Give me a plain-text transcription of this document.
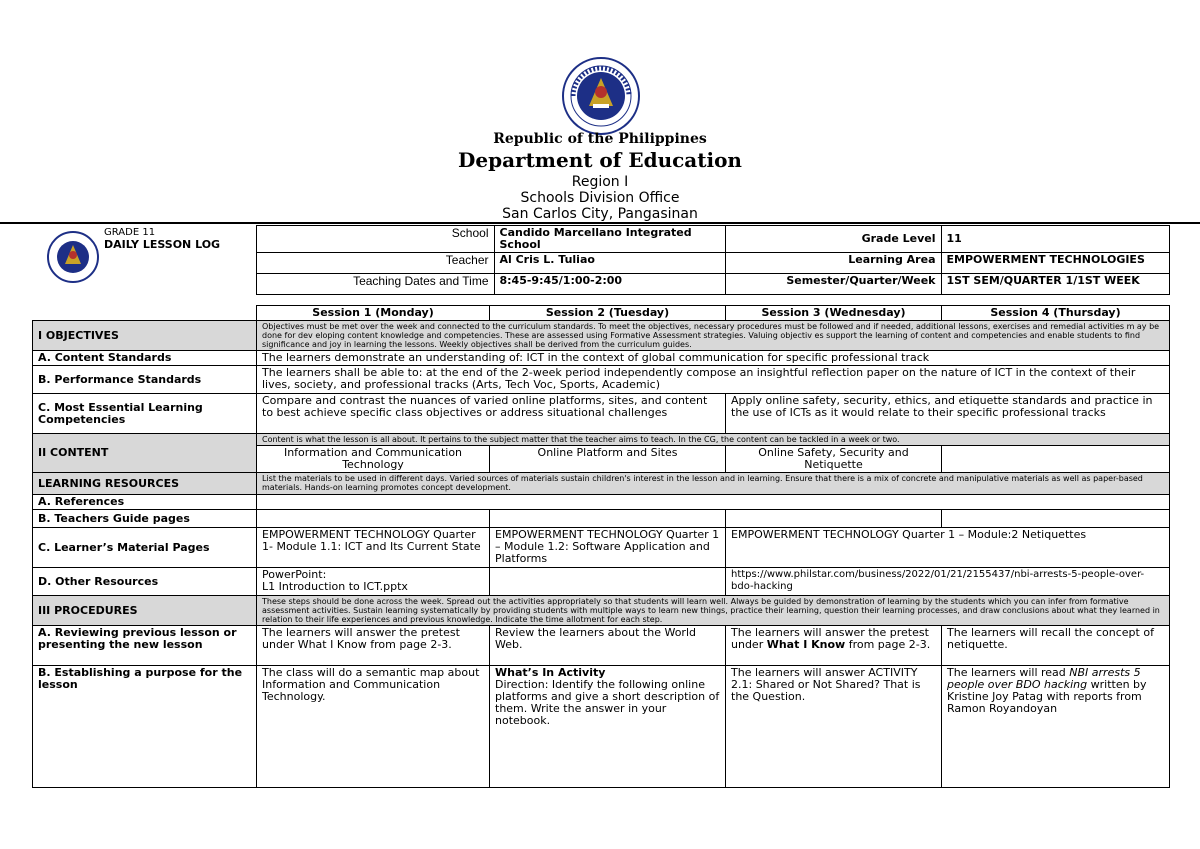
Republic of the Philippines
Department of Education
Region I
Schools Division Office
San Carlos City, Pangasinan
GRADE 11
DAILY LESSON LOG	School	Candido Marcellano Integrated School	Grade Level	11
	Teacher	Al Cris L. Tuliao	Learning Area	EMPOWERMENT TECHNOLOGIES
	Teaching Dates and Time	8:45-9:45/1:00-2:00	Semester/Quarter/Week	1ST SEM/QUARTER 1/1ST WEEK
	Session 1 (Monday)	Session 2 (Tuesday)	Session 3 (Wednesday)	Session 4 (Thursday)
I OBJECTIVES	Objectives must be met over the week and connected to the curriculum standards. To meet the objectives, necessary procedures must be followed and if needed, additional lessons, exercises and remedial activities m ay be done for dev eloping content knowledge and competencies. These are assessed using Formative Assessment strategies. Valuing objectiv es support the learning of content and competencies and enable students to find significance and joy in learning the lessons. Weekly objectives shall be derived from the curriculum guides.			
A. Content Standards	The learners demonstrate an understanding of: ICT in the context of global communication for specific professional track			
B. Performance Standards	The learners shall be able to: at the end of the 2-week period independently compose an insightful reflection paper on the nature of ICT in the context of their lives, society, and professional tracks (Arts, Tech Voc, Sports, Academic)			
C. Most Essential Learning Competencies	Compare and contrast the nuances of varied online platforms, sites, and content to best achieve specific class objectives or address situational challenges		Apply online safety, security, ethics, and etiquette standards and practice in the use of ICTs as it would relate to their specific professional tracks	
II CONTENT	Content is what the lesson is all about. It pertains to the subject matter that the teacher aims to teach. In the CG, the content can be tackled in a week or two.			
	Information and Communication Technology	Online Platform and Sites	Online Safety, Security and Netiquette	
LEARNING RESOURCES	List the materials to be used in different days. Varied sources of materials sustain children's interest in the lesson and in learning. Ensure that there is a mix of concrete and manipulative materials as well as paper-based materials. Hands-on learning promotes concept development.			
A. References				
B. Teachers Guide pages				
C. Learner’s Material Pages	EMPOWERMENT TECHNOLOGY Quarter 1- Module 1.1: ICT and Its Current State	EMPOWERMENT TECHNOLOGY Quarter 1 – Module 1.2: Software Application and Platforms	EMPOWERMENT TECHNOLOGY Quarter 1 – Module:2 Netiquettes	
D. Other Resources	PowerPoint:
L1 Introduction to ICT.pptx		https://www.philstar.com/business/2022/01/21/2155437/nbi-arrests-5-people-over-bdo-hacking	
III PROCEDURES	These steps should be done across the week. Spread out the activities appropriately so that students will learn well. Always be guided by demonstration of learning by the students which you can infer from formative assessment activities. Sustain learning systematically by providing students with multiple ways to learn new things, practice their learning, question their learning processes, and draw conclusions about what they learned in relation to their life experiences and previous knowledge. Indicate the time allotment for each step.			
A. Reviewing previous lesson or presenting the new lesson	The learners will answer the pretest under What I Know from page 2-3.	Review the learners about the World Web.	The learners will answer the pretest under What I Know from page 2-3.	The learners will recall the concept of netiquette.
B. Establishing a purpose for the lesson	The class will do a semantic map about Information and Communication Technology.	What’s In Activity
Direction: Identify the following online platforms and give a short description of them. Write the answer in your notebook.	The learners will answer ACTIVITY 2.1: Shared or Not Shared? That is the Question.	The learners will read NBI arrests 5 people over BDO hacking written by Kristine Joy Patag with reports from Ramon Royandoyan
